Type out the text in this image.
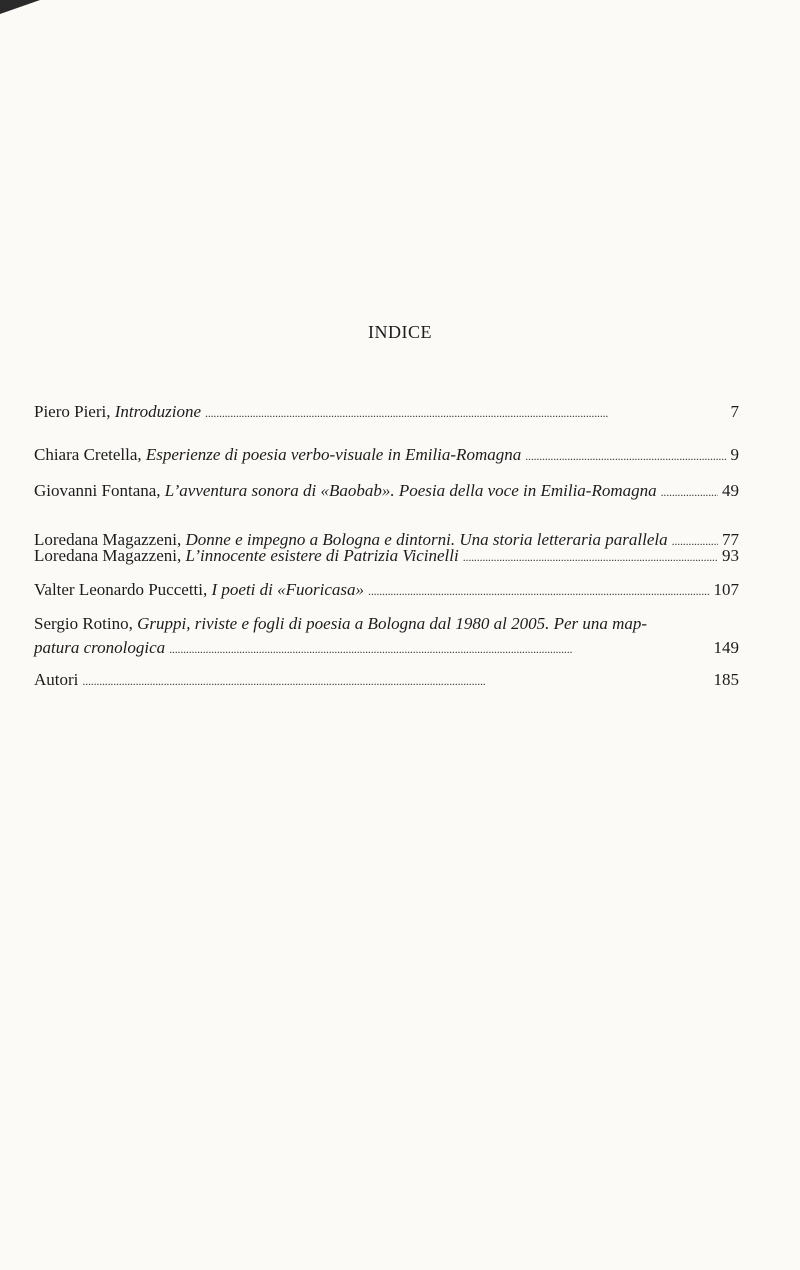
INDICE
Piero Pieri,
Introduzione . . .	7
Chiara Cretella,
Esperienze di poesia verbo-visuale in Emilia-Romagna . . .	9
Giovanni Fontana,
L’avventura sonora di «Baobab». Poesia della voce in Emilia-Romagna . . .	49
Loredana Magazzeni,
Donne e impegno a Bologna e dintorni. Una storia letteraria parallela . . .	77
Loredana Magazzeni,
L’innocente esistere di Patrizia Vicinelli . . .	93
Valter Leonardo Puccetti,
I poeti di «Fuoricasa» . . .	107
Sergio Rotino, Gruppi, riviste e fogli di poesia a Bologna dal 1980 al 2005. Per una map-
patura cronologica . . .	149
Autori . . .	185
